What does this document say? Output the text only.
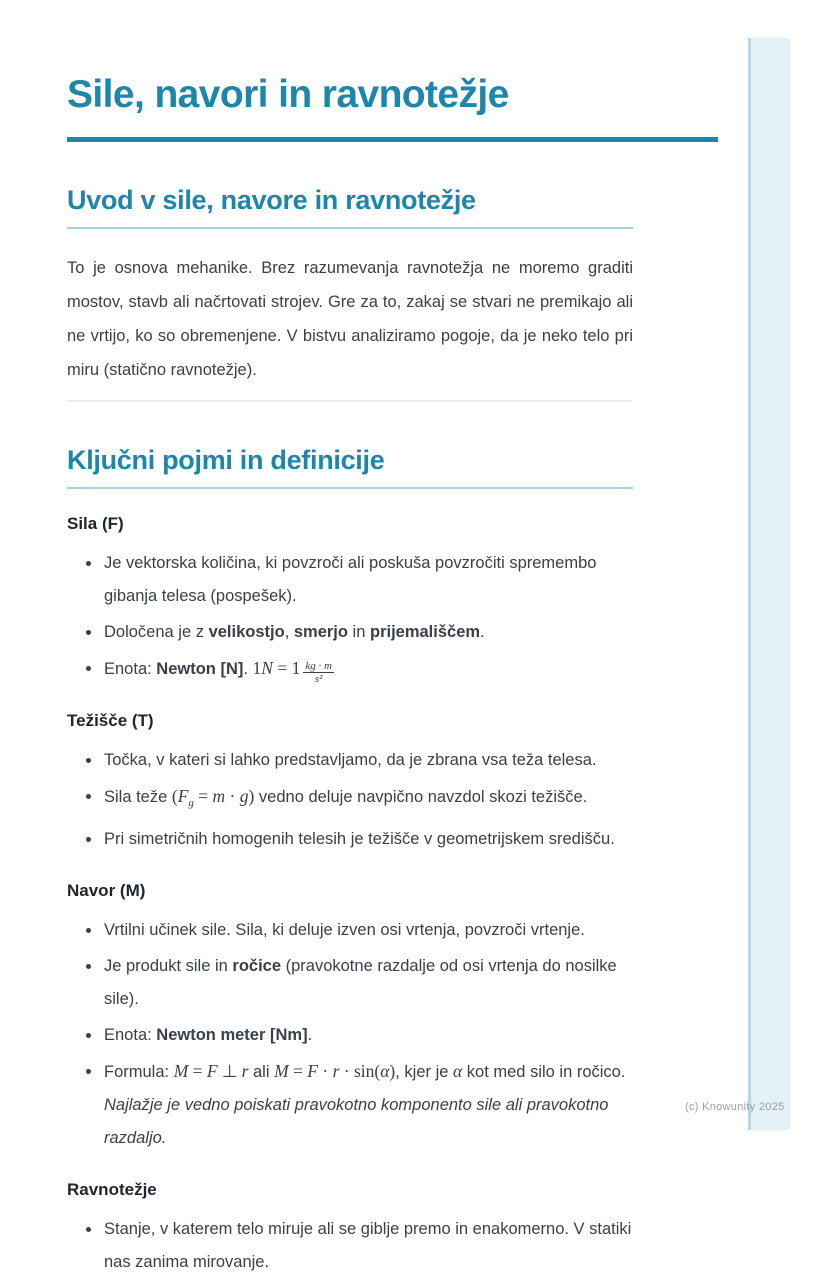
(c) Knowunity 2025
Sile, navori in ravnotežje
Uvod v sile, navore in ravnotežje

To je osnova mehanike. Brez razumevanja ravnotežja ne moremo graditi mostov, stavb ali načrtovati strojev. Gre za to, zakaj se stvari ne premikajo ali ne vrtijo, ko so obremenjene. V bistvu analiziramo pogoje, da je neko telo pri miru (statično ravnotežje).

Ključni pojmi in definicije
Sila (F)
Je vektorska količina, ki povzroči ali poskuša povzročiti spremembo gibanja telesa (pospešek).
Določena je z velikostjo, smerjo in prijemališčem.
Enota: Newton [N]. $1N = 1 \frac{kg \cdot m}{\text{s²}}$
Težišče (T)
Točka, v kateri si lahko predstavljamo, da je zbrana vsa teža telesa.
Sila teže $(F_g = m \cdot g)$ vedno deluje navpično navzdol skozi težišče.
Pri simetričnih homogenih telesih je težišče v geometrijskem središču.
Navor (M)
Vrtilni učinek sile. Sila, ki deluje izven osi vrtenja, povzroči vrtenje.
Je produkt sile in ročice (pravokotne razdalje od osi vrtenja do nosilke sile).
Enota: Newton meter [Nm].
Formula: M = F ⊥ r ali M = F · r · sin(α), kjer je α kot med silo in ročico. Najlažje je vedno poiskati pravokotno komponento sile ali pravokotno razdaljo.
Ravnotežje
Stanje, v katerem telo miruje ali se giblje premo in enakomerno. V statiki nas zanima mirovanje.
